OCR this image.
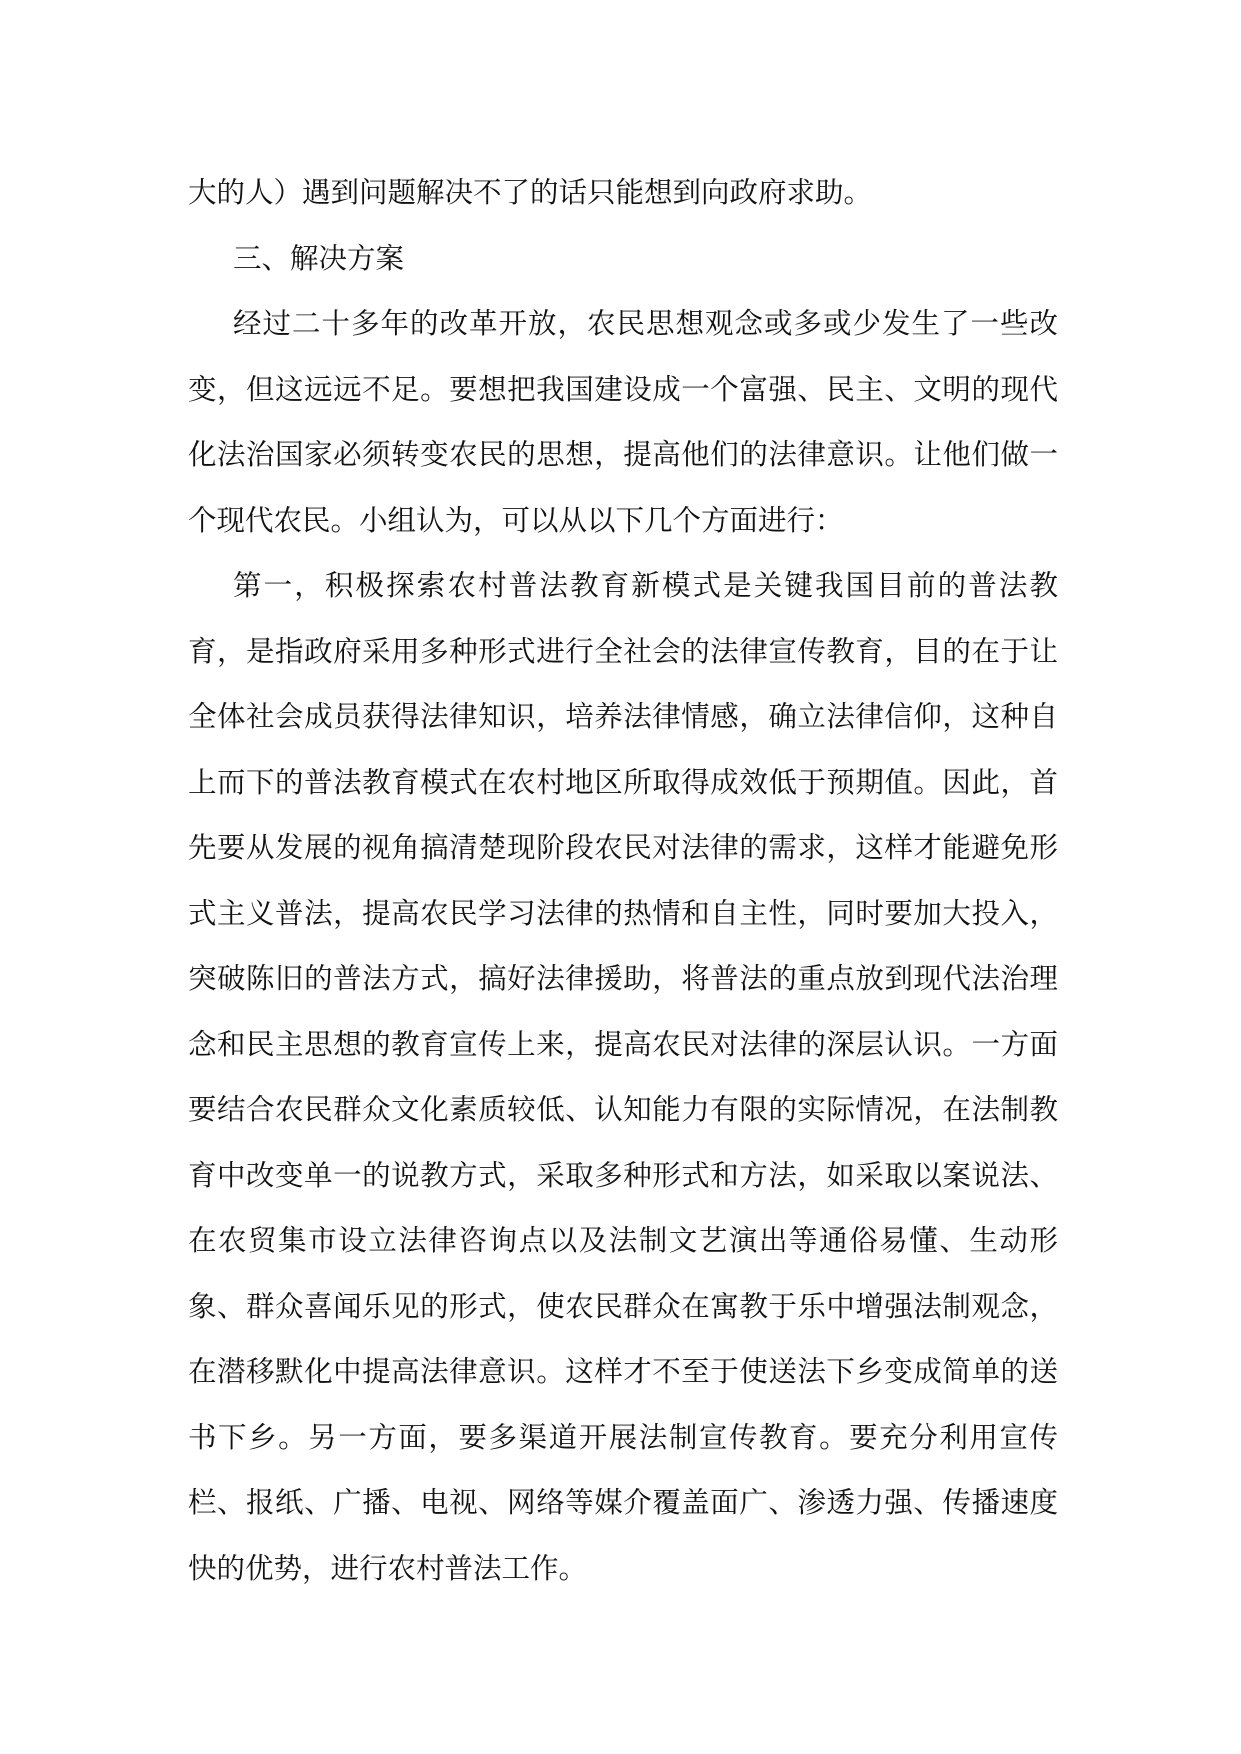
大的人）遇到问题解决不了的话只能想到向政府求助。

三、解决方案

经过二十多年的改革开放，农民思想观念或多或少发生了一些改变，但这远远不足。要想把我国建设成一个富强、民主、文明的现代化法治国家必须转变农民的思想，提高他们的法律意识。让他们做一个现代农民。小组认为，可以从以下几个方面进行：

第一，积极探索农村普法教育新模式是关键我国目前的普法教育，是指政府采用多种形式进行全社会的法律宣传教育，目的在于让全体社会成员获得法律知识，培养法律情感，确立法律信仰，这种自上而下的普法教育模式在农村地区所取得成效低于预期值。因此，首先要从发展的视角搞清楚现阶段农民对法律的需求，这样才能避免形式主义普法，提高农民学习法律的热情和自主性，同时要加大投入，突破陈旧的普法方式，搞好法律援助，将普法的重点放到现代法治理念和民主思想的教育宣传上来，提高农民对法律的深层认识。一方面要结合农民群众文化素质较低、认知能力有限的实际情况，在法制教育中改变单一的说教方式，采取多种形式和方法，如采取以案说法、在农贸集市设立法律咨询点以及法制文艺演出等通俗易懂、生动形象、群众喜闻乐见的形式，使农民群众在寓教于乐中增强法制观念，在潜移默化中提高法律意识。这样才不至于使送法下乡变成简单的送书下乡。另一方面，要多渠道开展法制宣传教育。要充分利用宣传栏、报纸、广播、电视、网络等媒介覆盖面广、渗透力强、传播速度快的优势，进行农村普法工作。
